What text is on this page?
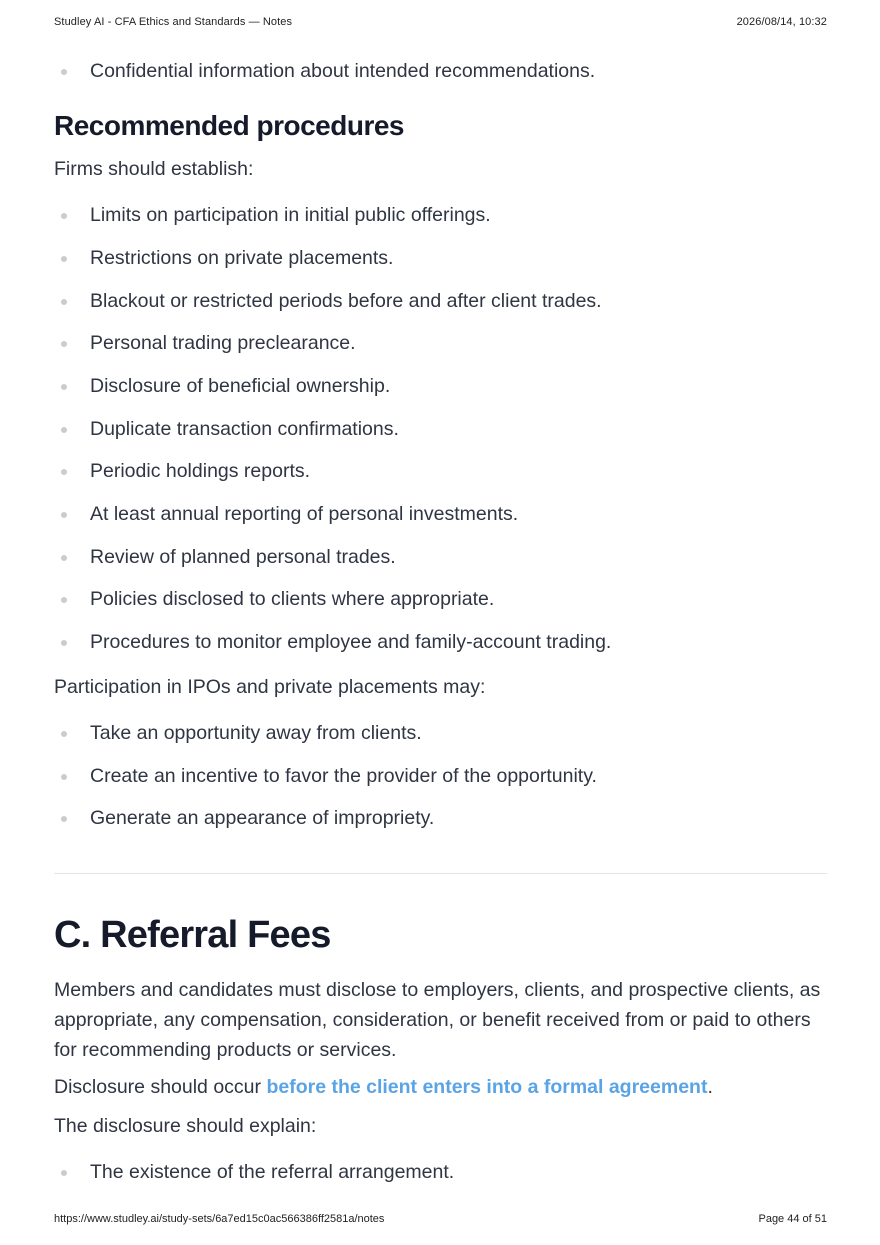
Studley AI - CFA Ethics and Standards — Notes	2026/08/14, 10:32
Confidential information about intended recommendations.
Recommended procedures
Firms should establish:
Limits on participation in initial public offerings.
Restrictions on private placements.
Blackout or restricted periods before and after client trades.
Personal trading preclearance.
Disclosure of beneficial ownership.
Duplicate transaction confirmations.
Periodic holdings reports.
At least annual reporting of personal investments.
Review of planned personal trades.
Policies disclosed to clients where appropriate.
Procedures to monitor employee and family-account trading.
Participation in IPOs and private placements may:
Take an opportunity away from clients.
Create an incentive to favor the provider of the opportunity.
Generate an appearance of impropriety.
C. Referral Fees
Members and candidates must disclose to employers, clients, and prospective clients, as appropriate, any compensation, consideration, or benefit received from or paid to others for recommending products or services.
Disclosure should occur before the client enters into a formal agreement.
The disclosure should explain:
The existence of the referral arrangement.
https://www.studley.ai/study-sets/6a7ed15c0ac566386ff2581a/notes	Page 44 of 51
